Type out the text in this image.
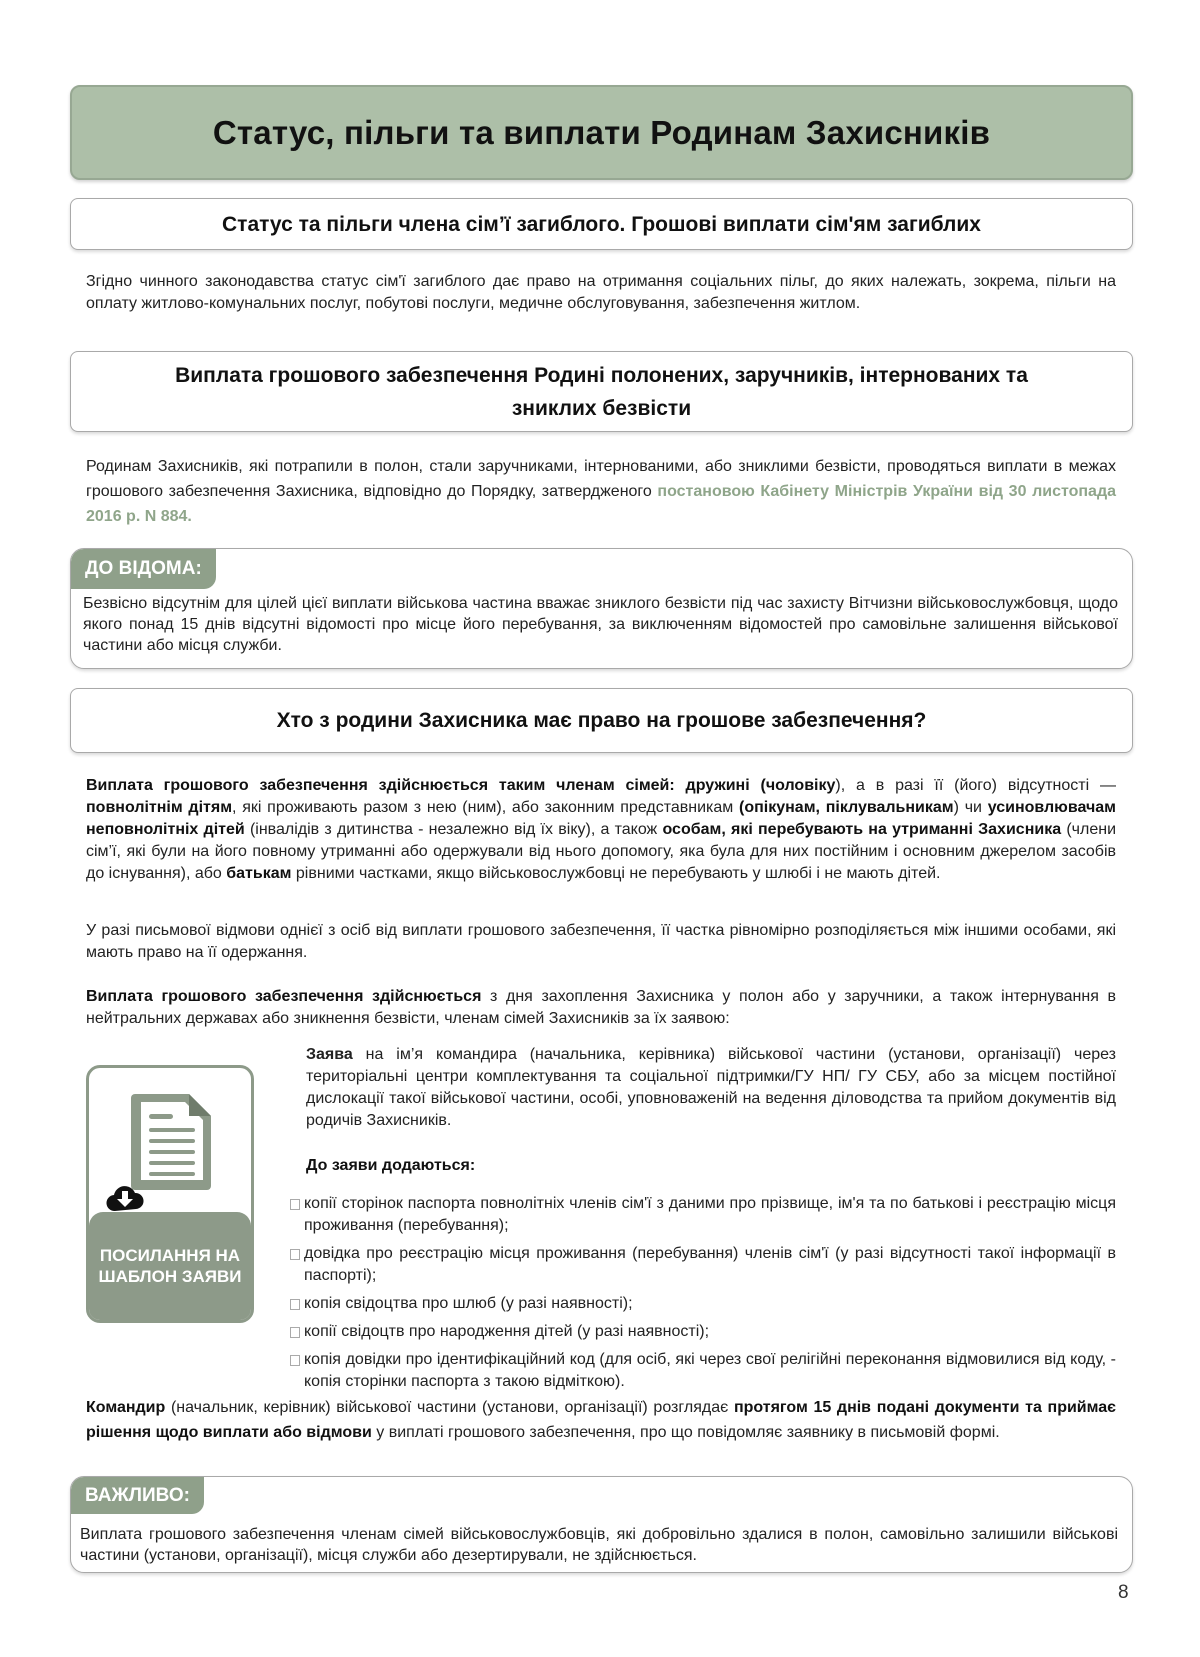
Статус, пільги та виплати Родинам Захисників
Статус та пільги члена сім’ї загиблого. Грошові виплати сім'ям загиблих

Згідно чинного законодавства статус сім'ї загиблого дає право на отримання соціальних пільг, до яких належать, зокрема, пільги на оплату житлово-комунальних послуг, побутові послуги, медичне обслуговування, забезпечення житлом.

Виплата грошового забезпечення Родині полонених, заручників, інтернованих та
зниклих безвісти

Родинам Захисників, які потрапили в полон, стали заручниками, інтернованими, або зниклими безвісти, проводяться виплати в межах грошового забезпечення Захисника, відповідно до Порядку, затвердженого постановою Кабінету Міністрів України від 30 листопада 2016 р. N 884.

ДО ВІДОМА:

Безвісно відсутнім для цілей цієї виплати військова частина вважає зниклого безвісти під час захисту Вітчизни військовослужбовця, щодо якого понад 15 днів відсутні відомості про місце його перебування, за виключенням відомостей про самовільне залишення військової частини або місця служби.

Хто з родини Захисника має право на грошове забезпечення?

Виплата грошового забезпечення здійснюється таким членам сімей: дружині (чоловіку), а в разі її (його) відсутності — повнолітнім дітям, які проживають разом з нею (ним), або законним представникам (опікунам, піклувальникам) чи усиновлювачам неповнолітніх дітей (інвалідів з дитинства - незалежно від їх віку), а також особам, які перебувають на утриманні Захисника (члени сім’ї, які були на його повному утриманні або одержували від нього допомогу, яка була для них постійним і основним джерелом засобів до існування), або батькам рівними частками, якщо військовослужбовці не перебувають у шлюбі і не мають дітей.

У разі письмової відмови однієї з осіб від виплати грошового забезпечення, її частка рівномірно розподіляється між іншими особами, які мають право на її одержання.

Виплата грошового забезпечення здійснюється з дня захоплення Захисника у полон або у заручники, а також інтернування в нейтральних державах або зникнення безвісти, членам сімей Захисників за їх заявою:

ПОСИЛАННЯ НА ШАБЛОН ЗАЯВИ

Заява на ім’я командира (начальника, керівника) військової частини (установи, організації) через територіальні центри комплектування та соціальної підтримки/ГУ НП/ ГУ СБУ, або за місцем постійної дислокації такої військової частини, особі, уповноваженій на ведення діловодства та прийом документів від родичів Захисників.

До заяви додаються:

копії сторінок паспорта повнолітніх членів сім'ї з даними про прізвище, ім'я та по батькові і реєстрацію місця проживання (перебування);
довідка про реєстрацію місця проживання (перебування) членів сім'ї (у разі відсутності такої інформації в паспорті);
копія свідоцтва про шлюб (у разі наявності);
копії свідоцтв про народження дітей (у разі наявності);
копія довідки про ідентифікаційний код (для осіб, які через свої релігійні переконання відмовилися від коду, - копія сторінки паспорта з такою відміткою).

Командир (начальник, керівник) військової частини (установи, організації) розглядає протягом 15 днів подані документи та приймає рішення щодо виплати або відмови у виплаті грошового забезпечення, про що повідомляє заявнику в письмовій формі.

ВАЖЛИВО:

Виплата грошового забезпечення членам сімей військовослужбовців, які добровільно здалися в полон, самовільно залишили військові частини (установи, організації), місця служби або дезертирували, не здійснюється.

8
